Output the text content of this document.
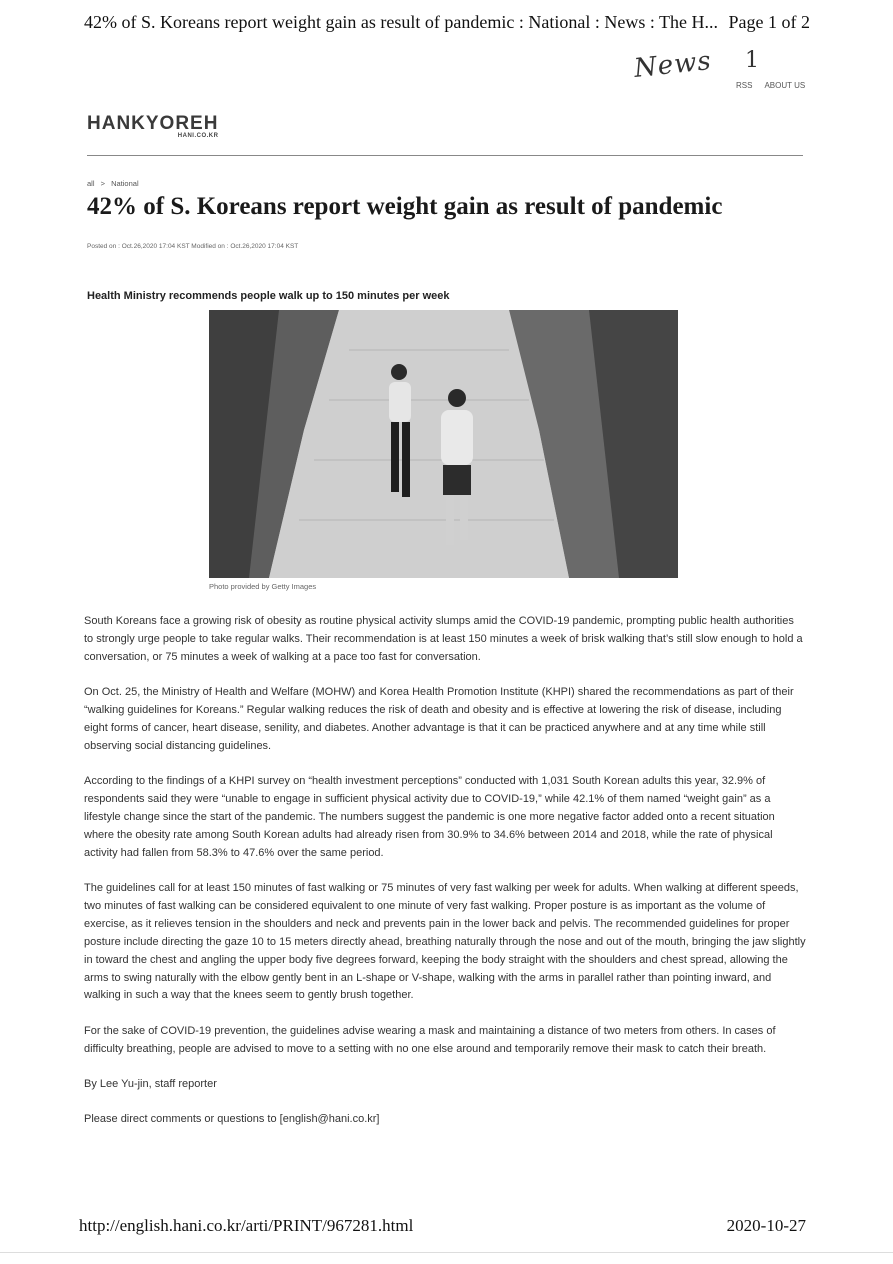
42% of S. Koreans report weight gain as result of pandemic : National : News : The H... Page 1 of 2
News 1
RSS ABOUT US
HANKYOREH
HANI.CO.KR
all > National
42% of S. Koreans report weight gain as result of pandemic
Posted on : Oct.26,2020 17:04 KST Modified on : Oct.26,2020 17:04 KST
Health Ministry recommends people walk up to 150 minutes per week
Photo provided by Getty Images

South Koreans face a growing risk of obesity as routine physical activity slumps amid the COVID-19 pandemic, prompting public health authorities to strongly urge people to take regular walks. Their recommendation is at least 150 minutes a week of brisk walking that’s still slow enough to hold a conversation, or 75 minutes a week of walking at a pace too fast for conversation.

On Oct. 25, the Ministry of Health and Welfare (MOHW) and Korea Health Promotion Institute (KHPI) shared the recommendations as part of their “walking guidelines for Koreans.” Regular walking reduces the risk of death and obesity and is effective at lowering the risk of disease, including eight forms of cancer, heart disease, senility, and diabetes. Another advantage is that it can be practiced anywhere and at any time while still observing social distancing guidelines.

According to the findings of a KHPI survey on “health investment perceptions” conducted with 1,031 South Korean adults this year, 32.9% of respondents said they were “unable to engage in sufficient physical activity due to COVID-19,” while 42.1% of them named “weight gain” as a lifestyle change since the start of the pandemic. The numbers suggest the pandemic is one more negative factor added onto a recent situation where the obesity rate among South Korean adults had already risen from 30.9% to 34.6% between 2014 and 2018, while the rate of physical activity had fallen from 58.3% to 47.6% over the same period.

The guidelines call for at least 150 minutes of fast walking or 75 minutes of very fast walking per week for adults. When walking at different speeds, two minutes of fast walking can be considered equivalent to one minute of very fast walking. Proper posture is as important as the volume of exercise, as it relieves tension in the shoulders and neck and prevents pain in the lower back and pelvis. The recommended guidelines for proper posture include directing the gaze 10 to 15 meters directly ahead, breathing naturally through the nose and out of the mouth, bringing the jaw slightly in toward the chest and angling the upper body five degrees forward, keeping the body straight with the shoulders and chest spread, allowing the arms to swing naturally with the elbow gently bent in an L-shape or V-shape, walking with the arms in parallel rather than pointing inward, and walking in such a way that the knees seem to gently brush together.

For the sake of COVID-19 prevention, the guidelines advise wearing a mask and maintaining a distance of two meters from others. In cases of difficulty breathing, people are advised to move to a setting with no one else around and temporarily remove their mask to catch their breath.

By Lee Yu-jin, staff reporter

Please direct comments or questions to [english@hani.co.kr]

http://english.hani.co.kr/arti/PRINT/967281.html	2020-10-27
